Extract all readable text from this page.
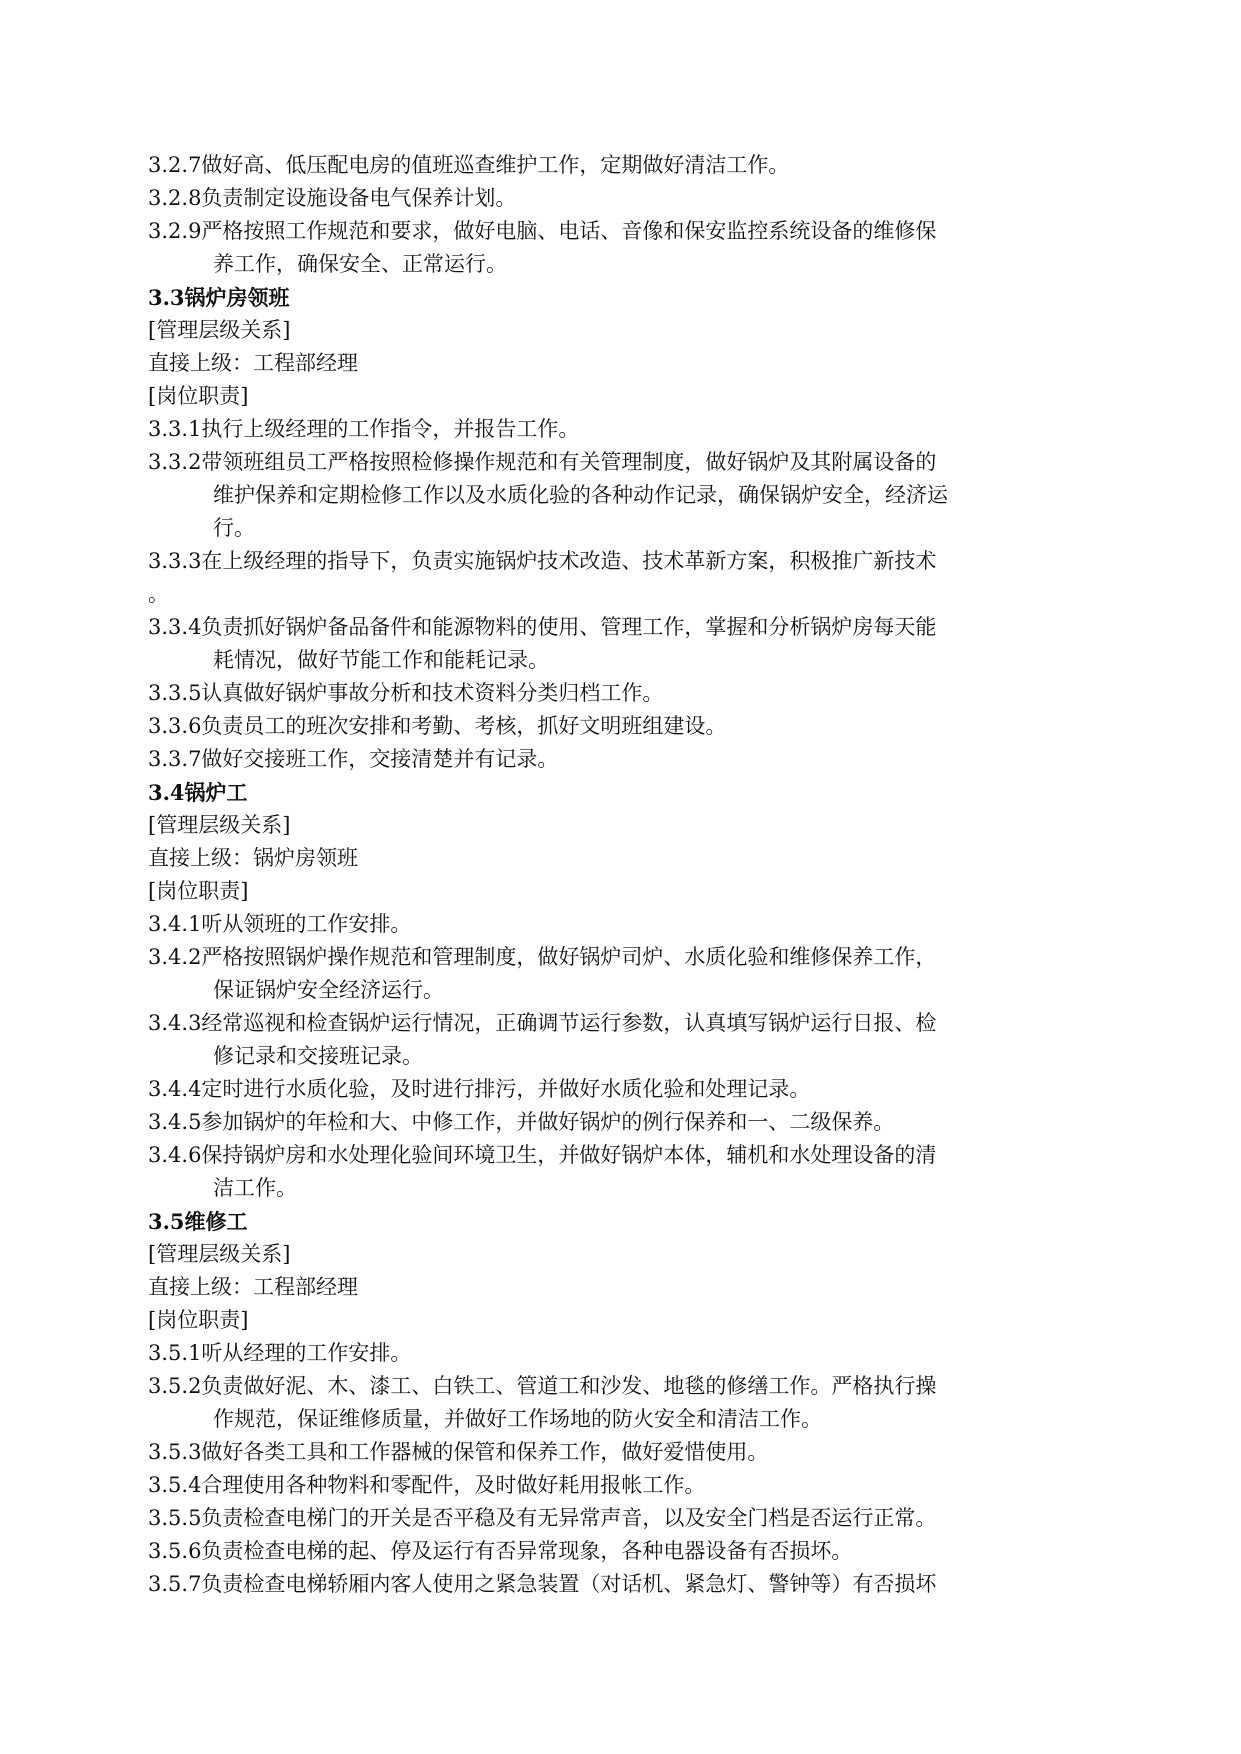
3.2.7做好高、低压配电房的值班巡查维护工作，定期做好清洁工作。
3.2.8负责制定设施设备电气保养计划。
3.2.9严格按照工作规范和要求，做好电脑、电话、音像和保安监控系统设备的维修保
养工作，确保安全、正常运行。
3.3锅炉房领班
[管理层级关系]
直接上级：工程部经理
[岗位职责]
3.3.1执行上级经理的工作指令，并报告工作。
3.3.2带领班组员工严格按照检修操作规范和有关管理制度，做好锅炉及其附属设备的
维护保养和定期检修工作以及水质化验的各种动作记录，确保锅炉安全，经济运
行。
3.3.3在上级经理的指导下，负责实施锅炉技术改造、技术革新方案，积极推广新技术
。
3.3.4负责抓好锅炉备品备件和能源物料的使用、管理工作，掌握和分析锅炉房每天能
耗情况，做好节能工作和能耗记录。
3.3.5认真做好锅炉事故分析和技术资料分类归档工作。
3.3.6负责员工的班次安排和考勤、考核，抓好文明班组建设。
3.3.7做好交接班工作，交接清楚并有记录。
3.4锅炉工
[管理层级关系]
直接上级：锅炉房领班
[岗位职责]
3.4.1听从领班的工作安排。
3.4.2严格按照锅炉操作规范和管理制度，做好锅炉司炉、水质化验和维修保养工作，
保证锅炉安全经济运行。
3.4.3经常巡视和检查锅炉运行情况，正确调节运行参数，认真填写锅炉运行日报、检
修记录和交接班记录。
3.4.4定时进行水质化验，及时进行排污，并做好水质化验和处理记录。
3.4.5参加锅炉的年检和大、中修工作，并做好锅炉的例行保养和一、二级保养。
3.4.6保持锅炉房和水处理化验间环境卫生，并做好锅炉本体，辅机和水处理设备的清
洁工作。
3.5维修工
[管理层级关系]
直接上级：工程部经理
[岗位职责]
3.5.1听从经理的工作安排。
3.5.2负责做好泥、木、漆工、白铁工、管道工和沙发、地毯的修缮工作。严格执行操
作规范，保证维修质量，并做好工作场地的防火安全和清洁工作。
3.5.3做好各类工具和工作器械的保管和保养工作，做好爱惜使用。
3.5.4合理使用各种物料和零配件，及时做好耗用报帐工作。
3.5.5负责检查电梯门的开关是否平稳及有无异常声音，以及安全门档是否运行正常。
3.5.6负责检查电梯的起、停及运行有否异常现象，各种电器设备有否损坏。
3.5.7负责检查电梯轿厢内客人使用之紧急装置（对话机、紧急灯、警钟等）有否损坏
